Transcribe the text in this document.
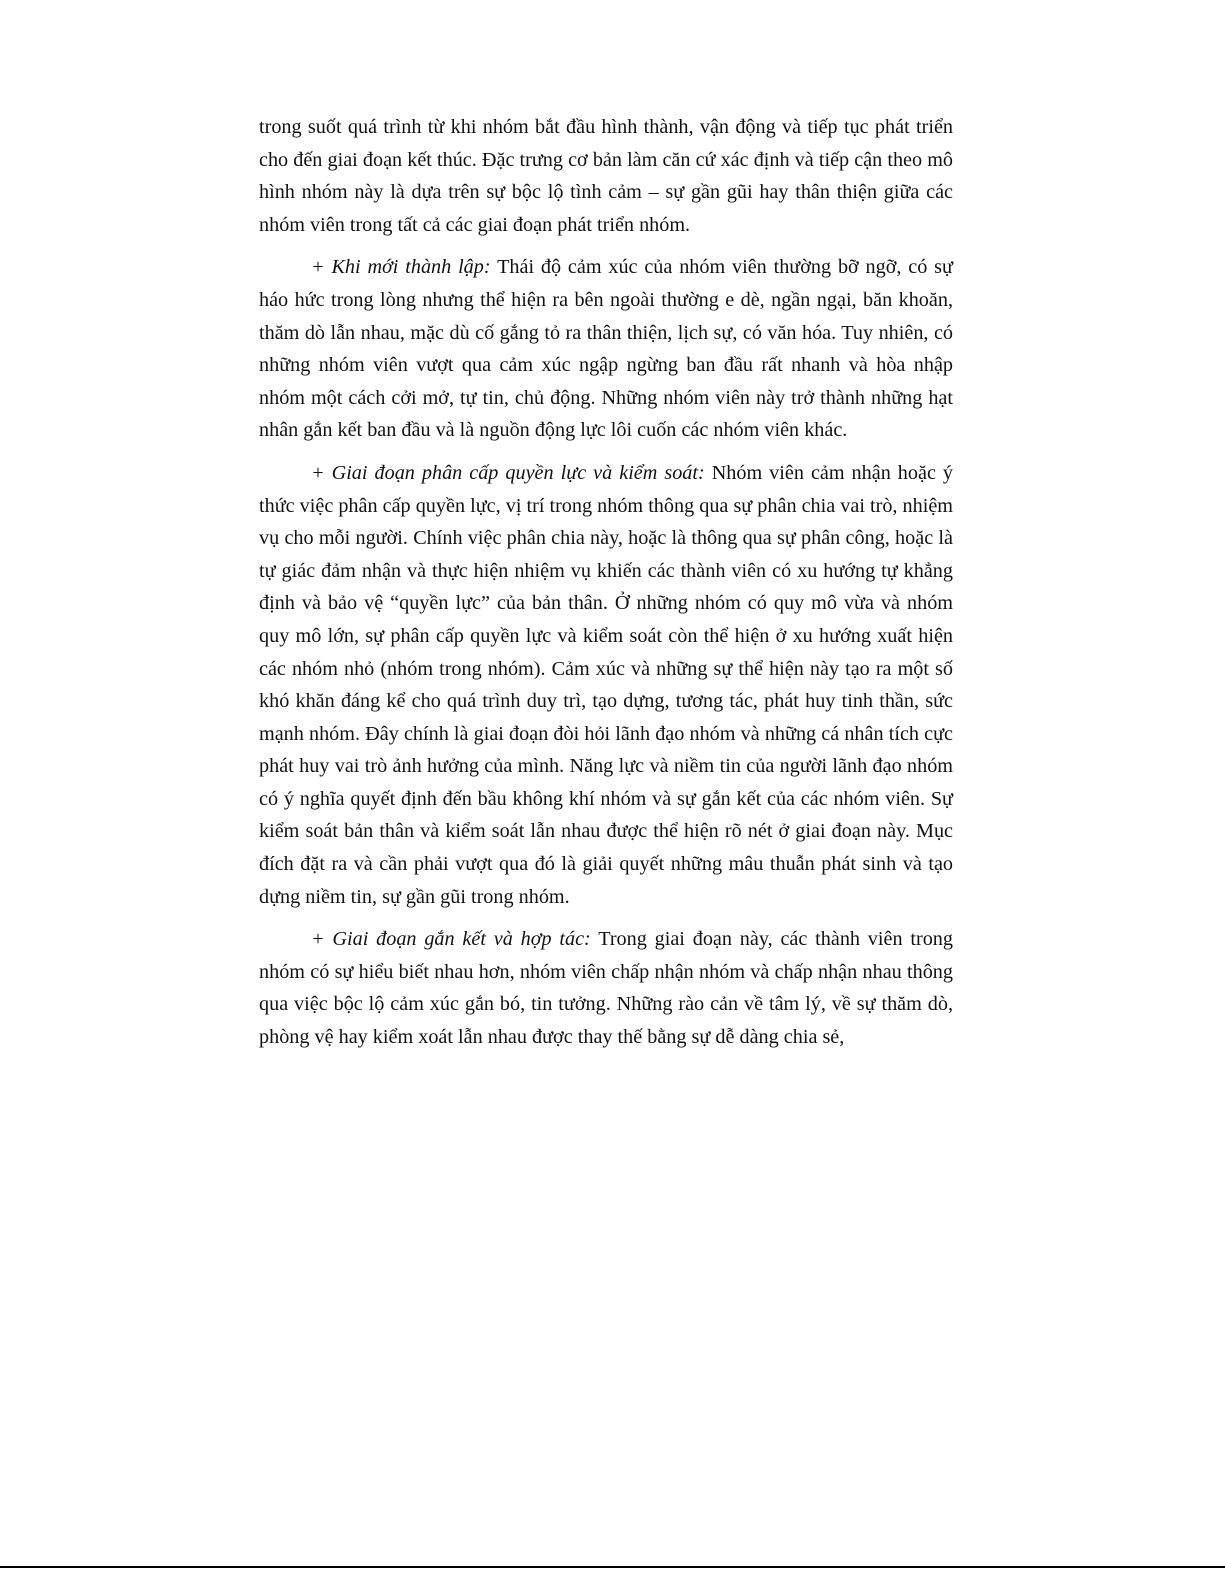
trong suốt quá trình từ khi nhóm bắt đầu hình thành, vận động và tiếp tục phát triển cho đến giai đoạn kết thúc. Đặc trưng cơ bản làm căn cứ xác định và tiếp cận theo mô hình nhóm này là dựa trên sự bộc lộ tình cảm – sự gần gũi hay thân thiện giữa các nhóm viên trong tất cả các giai đoạn phát triển nhóm.

+ Khi mới thành lập: Thái độ cảm xúc của nhóm viên thường bỡ ngỡ, có sự háo hức trong lòng nhưng thể hiện ra bên ngoài thường e dè, ngần ngại, băn khoăn, thăm dò lẫn nhau, mặc dù cố gắng tỏ ra thân thiện, lịch sự, có văn hóa. Tuy nhiên, có những nhóm viên vượt qua cảm xúc ngập ngừng ban đầu rất nhanh và hòa nhập nhóm một cách cởi mở, tự tin, chủ động. Những nhóm viên này trở thành những hạt nhân gắn kết ban đầu và là nguồn động lực lôi cuốn các nhóm viên khác.

+ Giai đoạn phân cấp quyền lực và kiểm soát: Nhóm viên cảm nhận hoặc ý thức việc phân cấp quyền lực, vị trí trong nhóm thông qua sự phân chia vai trò, nhiệm vụ cho mỗi người. Chính việc phân chia này, hoặc là thông qua sự phân công, hoặc là tự giác đảm nhận và thực hiện nhiệm vụ khiến các thành viên có xu hướng tự khẳng định và bảo vệ “quyền lực” của bản thân. Ở những nhóm có quy mô vừa và nhóm quy mô lớn, sự phân cấp quyền lực và kiểm soát còn thể hiện ở xu hướng xuất hiện các nhóm nhỏ (nhóm trong nhóm). Cảm xúc và những sự thể hiện này tạo ra một số khó khăn đáng kể cho quá trình duy trì, tạo dựng, tương tác, phát huy tinh thần, sức mạnh nhóm. Đây chính là giai đoạn đòi hỏi lãnh đạo nhóm và những cá nhân tích cực phát huy vai trò ảnh hưởng của mình. Năng lực và niềm tin của người lãnh đạo nhóm có ý nghĩa quyết định đến bầu không khí nhóm và sự gắn kết của các nhóm viên. Sự kiểm soát bản thân và kiểm soát lẫn nhau được thể hiện rõ nét ở giai đoạn này. Mục đích đặt ra và cần phải vượt qua đó là giải quyết những mâu thuẫn phát sinh và tạo dựng niềm tin, sự gần gũi trong nhóm.

+ Giai đoạn gắn kết và hợp tác: Trong giai đoạn này, các thành viên trong nhóm có sự hiểu biết nhau hơn, nhóm viên chấp nhận nhóm và chấp nhận nhau thông qua việc bộc lộ cảm xúc gắn bó, tin tưởng. Những rào cản về tâm lý, về sự thăm dò, phòng vệ hay kiểm xoát lẫn nhau được thay thế bằng sự dễ dàng chia sẻ,
